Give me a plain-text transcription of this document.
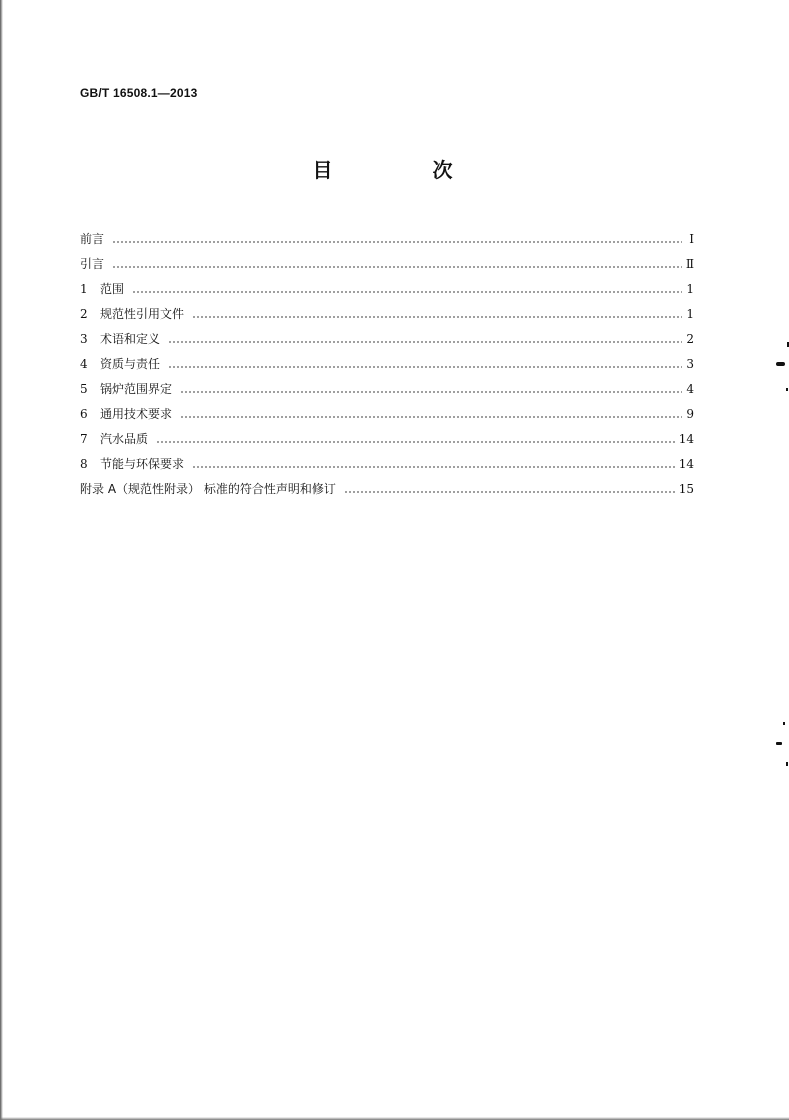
GB/T 16508.1—2013
目　次
前言	Ⅰ
引言	Ⅱ
1	范围	1
2	规范性引用文件	1
3	术语和定义	2
4	资质与责任	3
5	锅炉范围界定	4
6	通用技术要求	9
7	汽水品质	14
8	节能与环保要求	14
附录 A（规范性附录） 标准的符合性声明和修订	15
